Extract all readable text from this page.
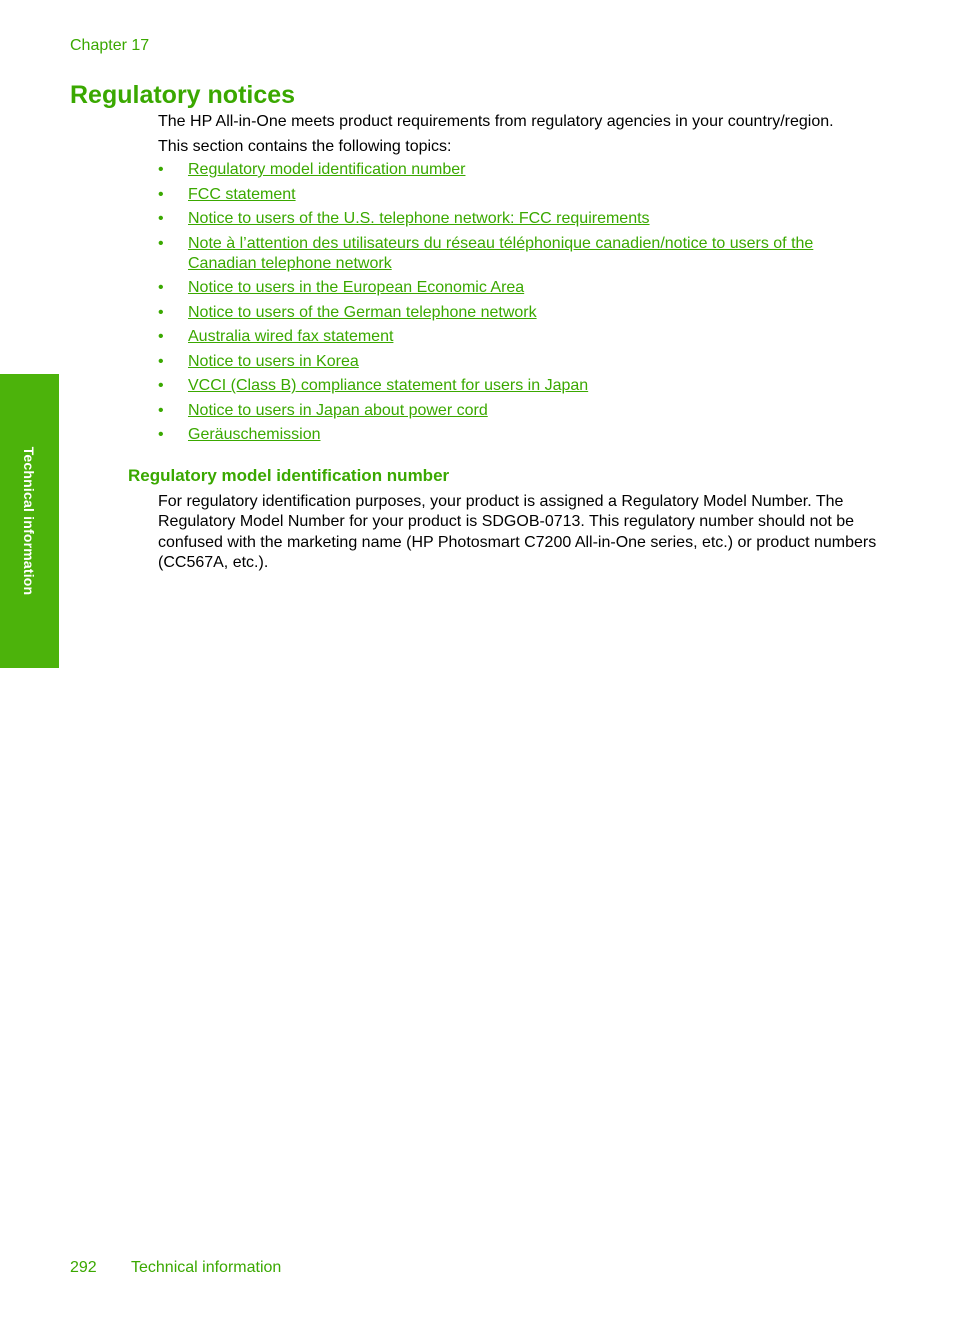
Chapter 17
Technical information
Regulatory notices

The HP All-in-One meets product requirements from regulatory agencies in your country/region.

This section contains the following topics:

• Regulatory model identification number
• FCC statement
• Notice to users of the U.S. telephone network: FCC requirements
• Note à l’attention des utilisateurs du réseau téléphonique canadien/notice to users of the Canadian telephone network
• Notice to users in the European Economic Area
• Notice to users of the German telephone network
• Australia wired fax statement
• Notice to users in Korea
• VCCI (Class B) compliance statement for users in Japan
• Notice to users in Japan about power cord
• Geräuschemission
Regulatory model identification number

For regulatory identification purposes, your product is assigned a Regulatory Model Number. The Regulatory Model Number for your product is SDGOB-0713. This regulatory number should not be confused with the marketing name (HP Photosmart C7200 All-in-One series, etc.) or product numbers (CC567A, etc.).

292 Technical information
